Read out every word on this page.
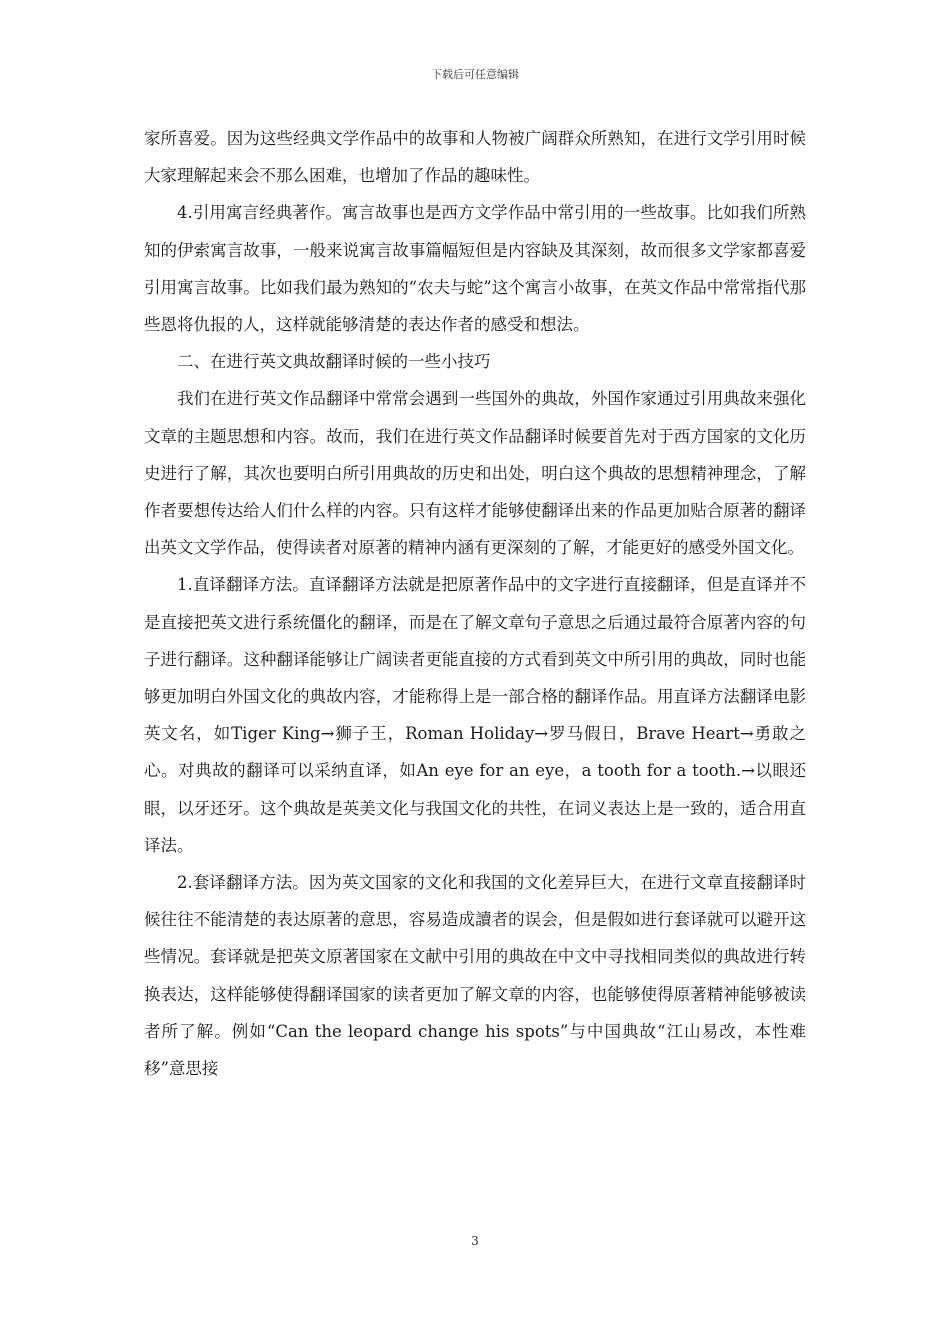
下载后可任意编辑

家所喜爱。因为这些经典文学作品中的故事和人物被广阔群众所熟知，在进行文学引用时候大家理解起来会不那么困难，也增加了作品的趣味性。

4.引用寓言经典著作。寓言故事也是西方文学作品中常引用的一些故事。比如我们所熟知的伊索寓言故事，一般来说寓言故事篇幅短但是内容缺及其深刻，故而很多文学家都喜爱引用寓言故事。比如我们最为熟知的“农夫与蛇”这个寓言小故事，在英文作品中常常指代那些恩将仇报的人，这样就能够清楚的表达作者的感受和想法。

二、在进行英文典故翻译时候的一些小技巧

我们在进行英文作品翻译中常常会遇到一些国外的典故，外国作家通过引用典故来强化文章的主题思想和内容。故而，我们在进行英文作品翻译时候要首先对于西方国家的文化历史进行了解，其次也要明白所引用典故的历史和出处，明白这个典故的思想精神理念，了解作者要想传达给人们什么样的内容。只有这样才能够使翻译出来的作品更加贴合原著的翻译出英文文学作品，使得读者对原著的精神内涵有更深刻的了解，才能更好的感受外国文化。

1.直译翻译方法。直译翻译方法就是把原著作品中的文字进行直接翻译，但是直译并不是直接把英文进行系统僵化的翻译，而是在了解文章句子意思之后通过最符合原著内容的句子进行翻译。这种翻译能够让广阔读者更能直接的方式看到英文中所引用的典故，同时也能够更加明白外国文化的典故内容，才能称得上是一部合格的翻译作品。用直译方法翻译电影英文名，如Tiger King→狮子王，Roman Holiday→罗马假日，Brave Heart→勇敢之心。对典故的翻译可以采纳直译，如An eye for an eye，a tooth for a tooth.→以眼还眼，以牙还牙。这个典故是英美文化与我国文化的共性，在词义表达上是一致的，适合用直译法。

2.套译翻译方法。因为英文国家的文化和我国的文化差异巨大，在进行文章直接翻译时候往往不能清楚的表达原著的意思，容易造成讀者的误会，但是假如进行套译就可以避开这些情况。套译就是把英文原著国家在文献中引用的典故在中文中寻找相同类似的典故进行转换表达，这样能够使得翻译国家的读者更加了解文章的内容，也能够使得原著精神能够被读者所了解。例如“Can the leopard change his spots”与中国典故“江山易改，本性难移”意思接

3
